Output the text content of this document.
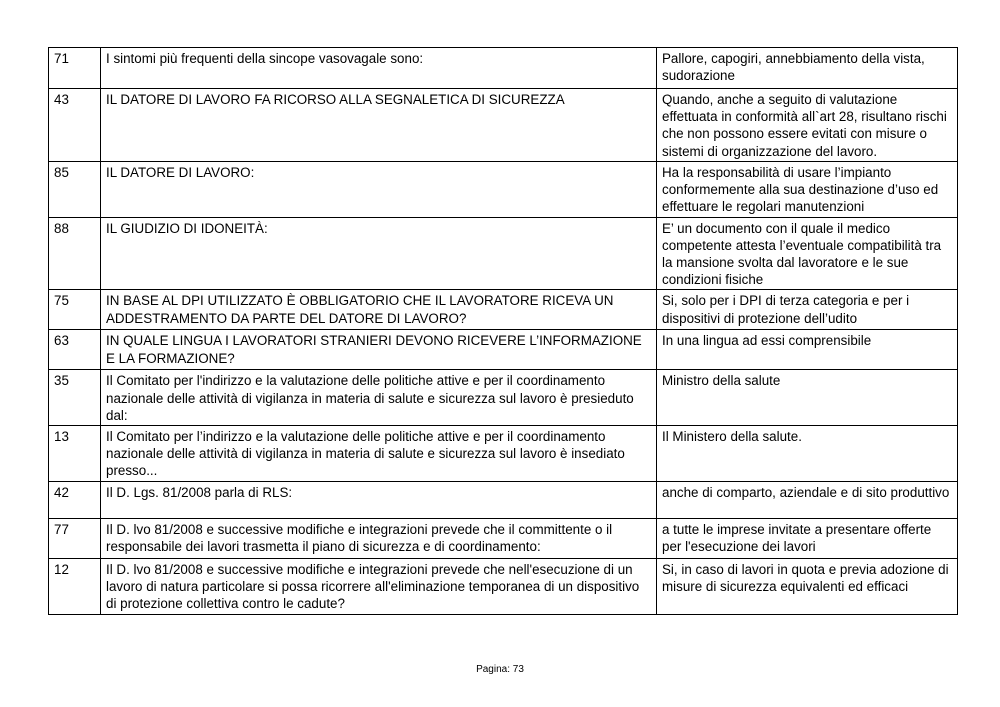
71	I sintomi più frequenti della sincope vasovagale sono:	Pallore, capogiri, annebbiamento della vista, sudorazione
43	IL DATORE DI LAVORO FA RICORSO ALLA SEGNALETICA DI SICUREZZA	Quando, anche a seguito di valutazione effettuata in conformità all`art 28, risultano rischi che non possono essere evitati con misure o sistemi di organizzazione del lavoro.
85	IL DATORE DI LAVORO:	Ha la responsabilità di usare l’impianto conformemente alla sua destinazione d’uso ed effettuare le regolari manutenzioni
88	IL GIUDIZIO DI IDONEITÀ:	E’ un documento con il quale il medico competente attesta l’eventuale compatibilità tra la mansione svolta dal lavoratore e le sue condizioni fisiche
75	IN BASE AL DPI UTILIZZATO È OBBLIGATORIO CHE IL LAVORATORE RICEVA UN ADDESTRAMENTO DA PARTE DEL DATORE DI LAVORO?	Si, solo per i DPI di terza categoria e per i dispositivi di protezione dell’udito
63	IN QUALE LINGUA I LAVORATORI STRANIERI DEVONO RICEVERE L’INFORMAZIONE E LA FORMAZIONE?	In una lingua ad essi comprensibile
35	Il Comitato per l'indirizzo e la valutazione delle politiche attive e per il coordinamento nazionale delle attività di vigilanza in materia di salute e sicurezza sul lavoro è presieduto dal:	Ministro della salute
13	Il Comitato per l’indirizzo e la valutazione delle politiche attive e per il coordinamento nazionale delle attività di vigilanza in materia di salute e sicurezza sul lavoro è insediato presso...	Il Ministero della salute.
42	Il D. Lgs. 81/2008 parla di RLS:	anche di comparto, aziendale e di sito produttivo
77	Il D. lvo 81/2008 e successive modifiche e integrazioni prevede che il committente o il responsabile dei lavori trasmetta il piano di sicurezza e di coordinamento:	a tutte le imprese invitate a presentare offerte per l'esecuzione dei lavori
12	Il D. lvo 81/2008 e successive modifiche e integrazioni prevede che nell'esecuzione di un lavoro di natura particolare si possa ricorrere all'eliminazione temporanea di un dispositivo di protezione collettiva contro le cadute?	Si, in caso di lavori in quota e previa adozione di misure di sicurezza equivalenti ed efficaci
Pagina: 73
